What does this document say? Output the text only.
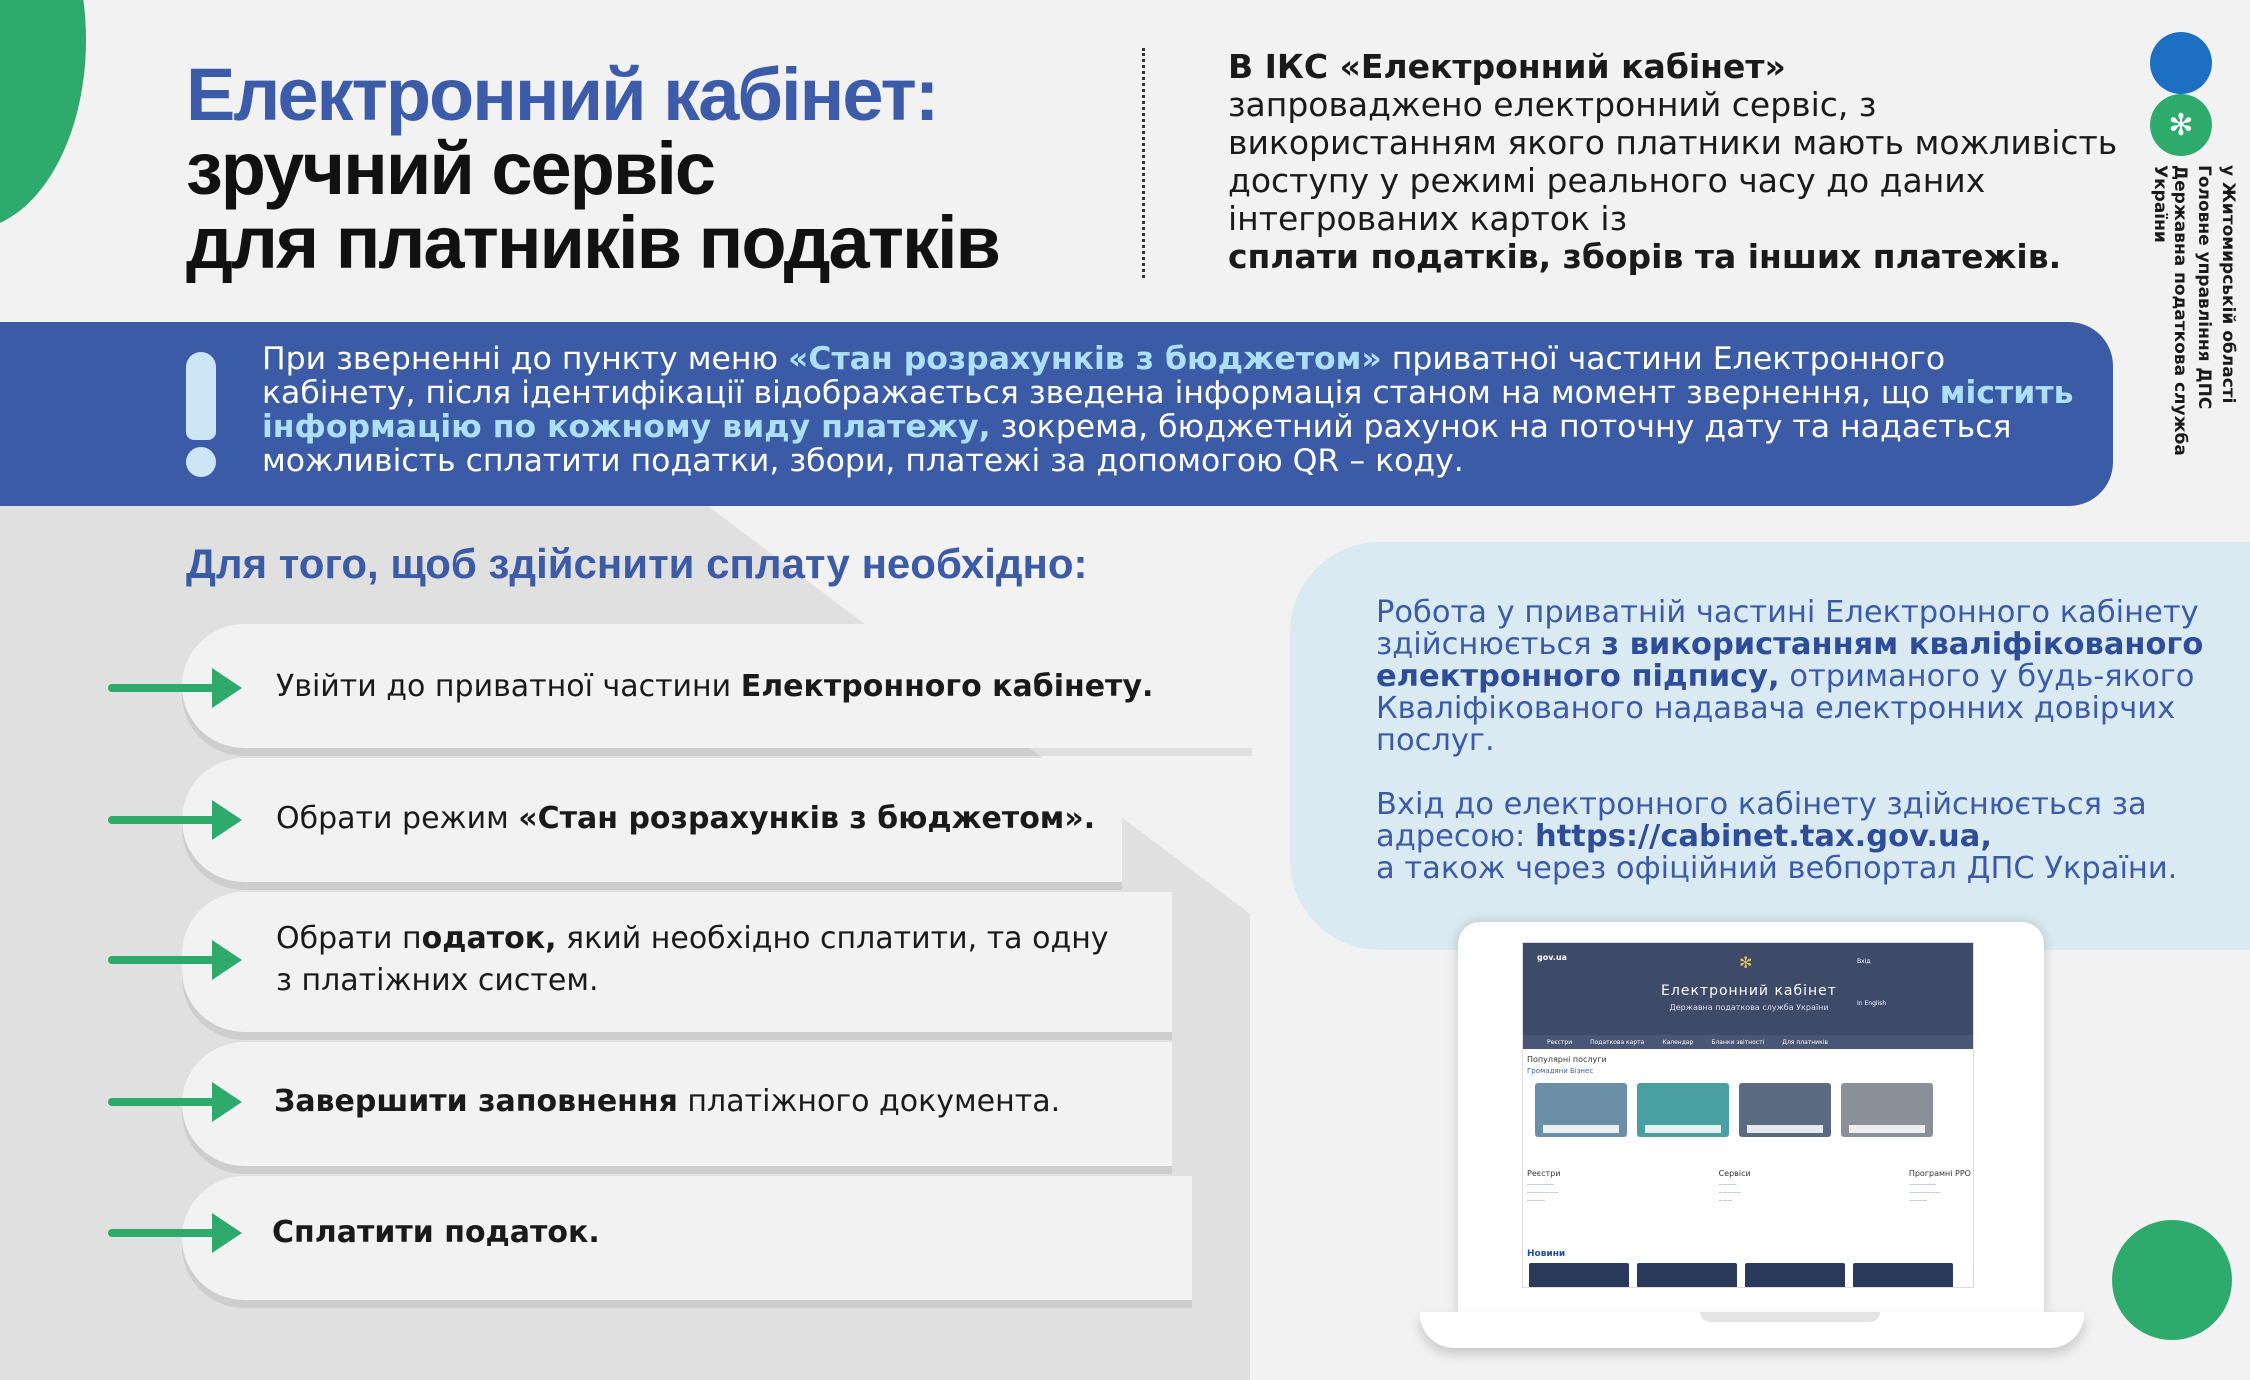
Електронний кабінет:
зручний сервіс
для платників податків
В ІКС «Електронний кабінет»
запроваджено електронний сервіс, з використанням якого платники мають можливість доступу у режимі реального часу до даних інтегрованих карток із
сплати податків, зборів та інших платежів.
✻
Державна податкова служба України	Головне управління ДПС у Житомирській області
При зверненні до пункту меню «Стан розрахунків з бюджетом» приватної частини Електронного кабінету, після ідентифікації відображається зведена інформація станом на момент звернення, що містить інформацію по кожному виду платежу, зокрема, бюджетний рахунок на поточну дату та надається можливість сплатити податки, збори, платежі за допомогою QR – коду.
Для того, щоб здійснити сплату необхідно:
Увійти до приватної частини Електронного кабінету.
Обрати режим «Стан розрахунків з бюджетом».
Обрати податок, який необхідно сплатити, та одну
з платіжних систем.
Завершити заповнення платіжного документа.
Сплатити податок.
Робота у приватній частині Електронного кабінету здійснюється з використанням кваліфікованого електронного підпису, отриманого у будь-якого Кваліфікованого надавача електронних довірчих послуг.
Вхід до електронного кабінету здійснюється за адресою: https://cabinet.tax.gov.ua,
а також через офіційний вебпортал ДПС України.
gov.ua	✻
Електронний кабінет
Державна податкова служба України
Вхід

In English
Реєстри	Податкова карта	Календар	Бланки звітності	Для платників
Популярні послуги
Громадяни Бізнес
Реєстри
——————
———————
————
Сервіси
————
—————
———
Програмні РРО
——————
———————
————
Новини
